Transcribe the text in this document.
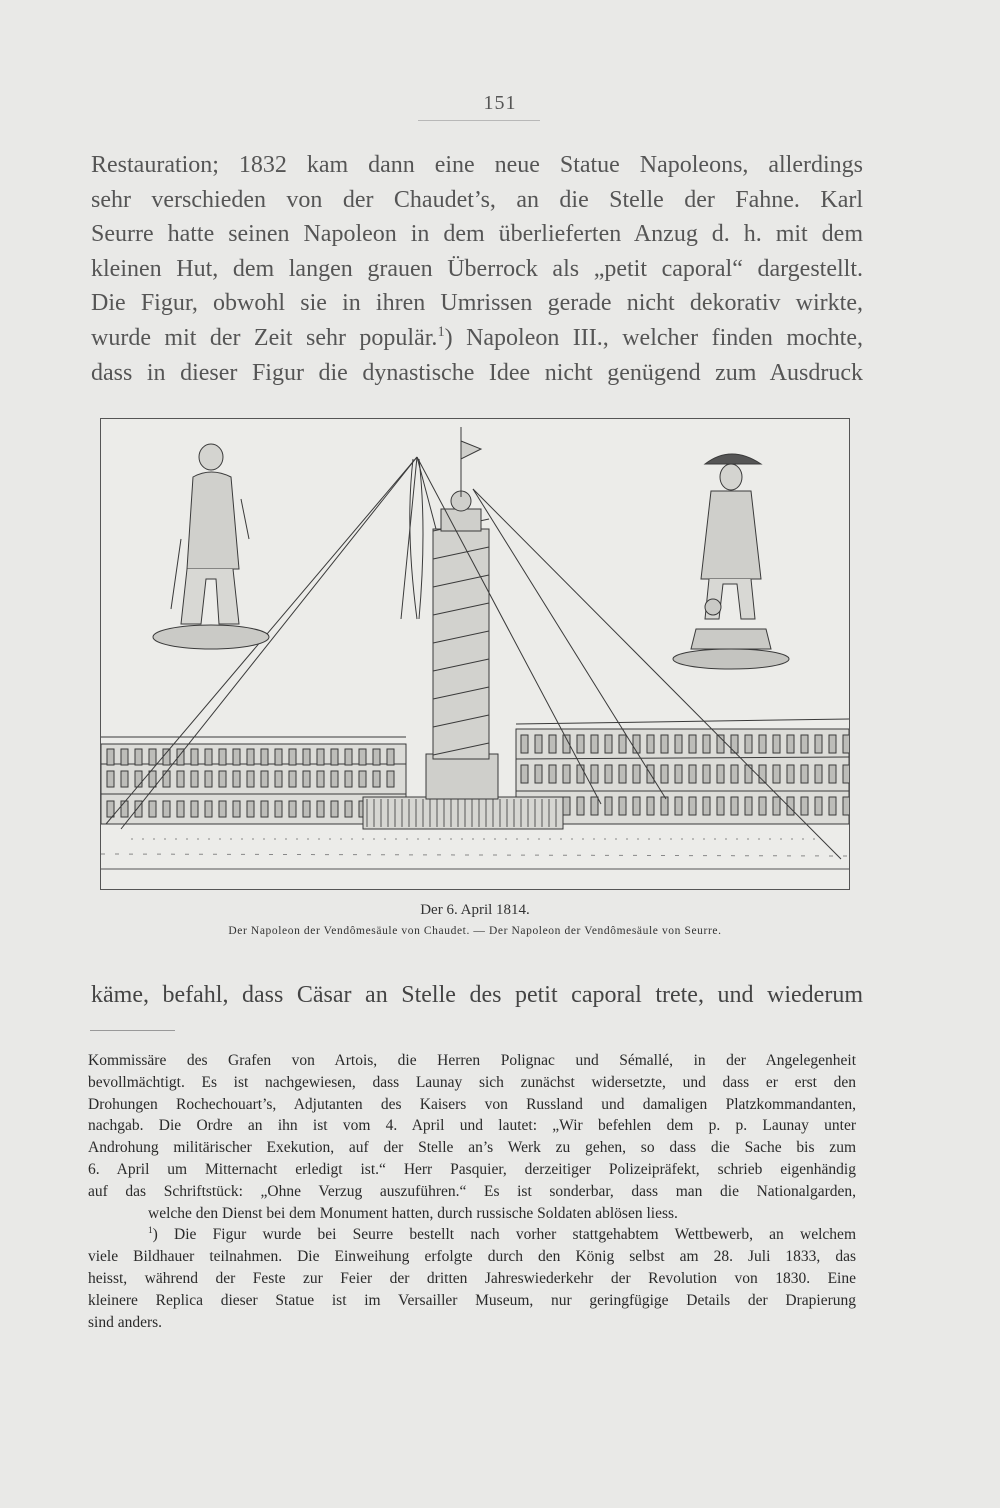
151
Restauration; 1832 kam dann eine neue Statue Napoleons, allerdings
sehr verschieden von der Chaudet’s, an die Stelle der Fahne. Karl
Seurre hatte seinen Napoleon in dem überlieferten Anzug d. h. mit dem
kleinen Hut, dem langen grauen Überrock als „petit caporal“ dargestellt.
Die Figur, obwohl sie in ihren Umrissen gerade nicht dekorativ wirkte,
wurde mit der Zeit sehr populär.$^1$) Napoleon III., welcher finden mochte,
dass in dieser Figur die dynastische Idee nicht genügend zum Ausdruck
Der 6. April 1814.
Der Napoleon der Vendômesäule von Chaudet. — Der Napoleon der Vendômesäule von Seurre.
käme, befahl, dass Cäsar an Stelle des petit caporal trete, und wiederum
Kommissäre des Grafen von Artois, die Herren Polignac und Sémallé, in der Angelegenheit
bevollmächtigt. Es ist nachgewiesen, dass Launay sich zunächst widersetzte, und dass er erst den
Drohungen Rochechouart’s, Adjutanten des Kaisers von Russland und damaligen Platzkommandanten,
nachgab. Die Ordre an ihn ist vom 4. April und lautet: „Wir befehlen dem p. p. Launay unter
Androhung militärischer Exekution, auf der Stelle an’s Werk zu gehen, so dass die Sache bis zum
6. April um Mitternacht erledigt ist.“ Herr Pasquier, derzeitiger Polizeipräfekt, schrieb eigenhändig
auf das Schriftstück: „Ohne Verzug auszuführen.“ Es ist sonderbar, dass man die Nationalgarden,
welche den Dienst bei dem Monument hatten, durch russische Soldaten ablösen liess.
$^1$) Die Figur wurde bei Seurre bestellt nach vorher stattgehabtem Wettbewerb, an welchem
viele Bildhauer teilnahmen. Die Einweihung erfolgte durch den König selbst am 28. Juli 1833, das
heisst, während der Feste zur Feier der dritten Jahreswiederkehr der Revolution von 1830. Eine
kleinere Replica dieser Statue ist im Versailler Museum, nur geringfügige Details der Drapierung
sind anders.
